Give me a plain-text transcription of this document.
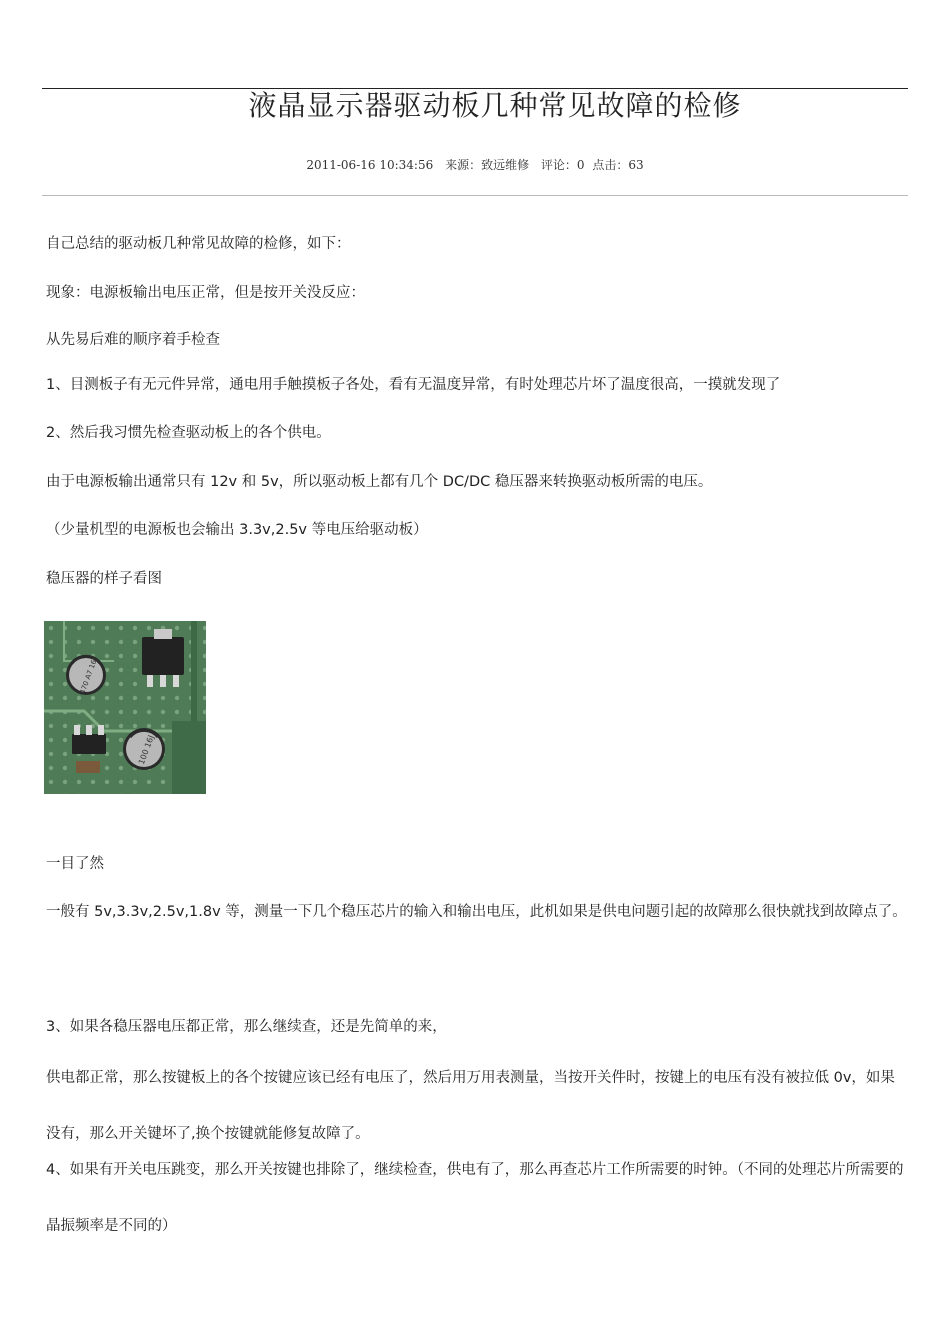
液晶显示器驱动板几种常见故障的检修
2011-06-16 10:34:56 来源：致远维修 评论：0 点击：63
自己总结的驱动板几种常见故障的检修，如下：
现象：电源板输出电压正常，但是按开关没反应：
从先易后难的顺序着手检查
1、目测板子有无元件异常，通电用手触摸板子各处，看有无温度异常，有时处理芯片坏了温度很高，一摸就发现了
2、然后我习惯先检查驱动板上的各个供电。
由于电源板输出通常只有 12v 和 5v，所以驱动板上都有几个 DC/DC 稳压器来转换驱动板所需的电压。
（少量机型的电源板也会输出 3.3v,2.5v 等电压给驱动板）
稳压器的样子看图
470 A7 16J
100 16J
一目了然
一般有 5v,3.3v,2.5v,1.8v 等，测量一下几个稳压芯片的输入和输出电压，此机如果是供电问题引起的故障那么很快就找到故障点了。
3、如果各稳压器电压都正常，那么继续查，还是先简单的来，
供电都正常，那么按键板上的各个按键应该已经有电压了，然后用万用表测量，当按开关件时，按键上的电压有没有被拉低 0v，如果没有，那么开关键坏了,换个按键就能修复故障了。
4、如果有开关电压跳变，那么开关按键也排除了，继续检查，供电有了，那么再查芯片工作所需要的时钟。（不同的处理芯片所需要的晶振频率是不同的）
